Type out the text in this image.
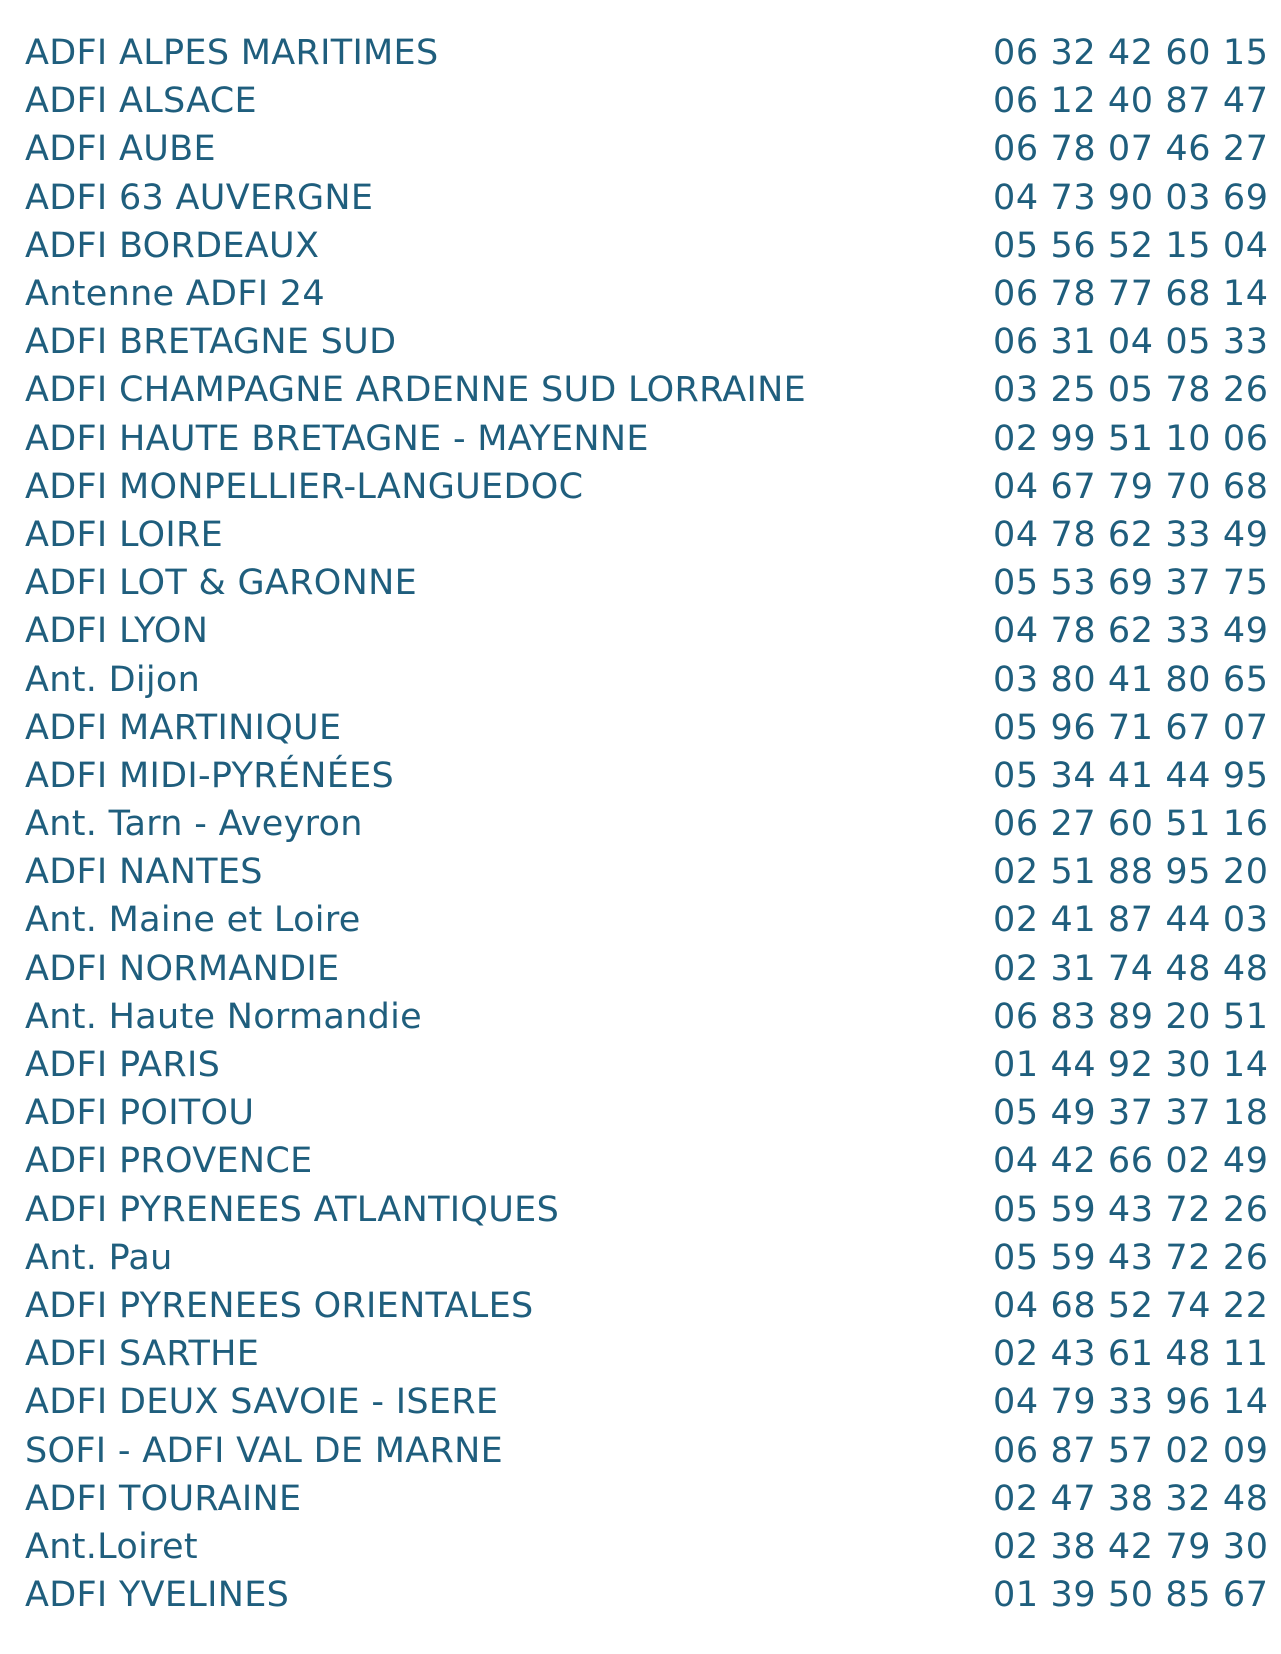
ADFI ALPES MARITIMES	06 32 42 60 15
ADFI ALSACE	06 12 40 87 47
ADFI AUBE	06 78 07 46 27
ADFI 63 AUVERGNE	04 73 90 03 69
ADFI BORDEAUX	05 56 52 15 04
Antenne ADFI 24	06 78 77 68 14
ADFI BRETAGNE SUD	06 31 04 05 33
ADFI CHAMPAGNE ARDENNE SUD LORRAINE	03 25 05 78 26
ADFI HAUTE BRETAGNE - MAYENNE	02 99 51 10 06
ADFI MONPELLIER-LANGUEDOC	04 67 79 70 68
ADFI LOIRE	04 78 62 33 49
ADFI LOT & GARONNE	05 53 69 37 75
ADFI LYON	04 78 62 33 49
Ant. Dijon	03 80 41 80 65
ADFI MARTINIQUE	05 96 71 67 07
ADFI MIDI-PYRÉNÉES	05 34 41 44 95
Ant. Tarn - Aveyron	06 27 60 51 16
ADFI NANTES	02 51 88 95 20
Ant. Maine et Loire	02 41 87 44 03
ADFI NORMANDIE	02 31 74 48 48
Ant. Haute Normandie	06 83 89 20 51
ADFI PARIS	01 44 92 30 14
ADFI POITOU	05 49 37 37 18
ADFI PROVENCE	04 42 66 02 49
ADFI PYRENEES ATLANTIQUES	05 59 43 72 26
Ant. Pau	05 59 43 72 26
ADFI PYRENEES ORIENTALES	04 68 52 74 22
ADFI SARTHE	02 43 61 48 11
ADFI DEUX SAVOIE - ISERE	04 79 33 96 14
SOFI - ADFI VAL DE MARNE	06 87 57 02 09
ADFI TOURAINE	02 47 38 32 48
Ant.Loiret	02 38 42 79 30
ADFI YVELINES	01 39 50 85 67
